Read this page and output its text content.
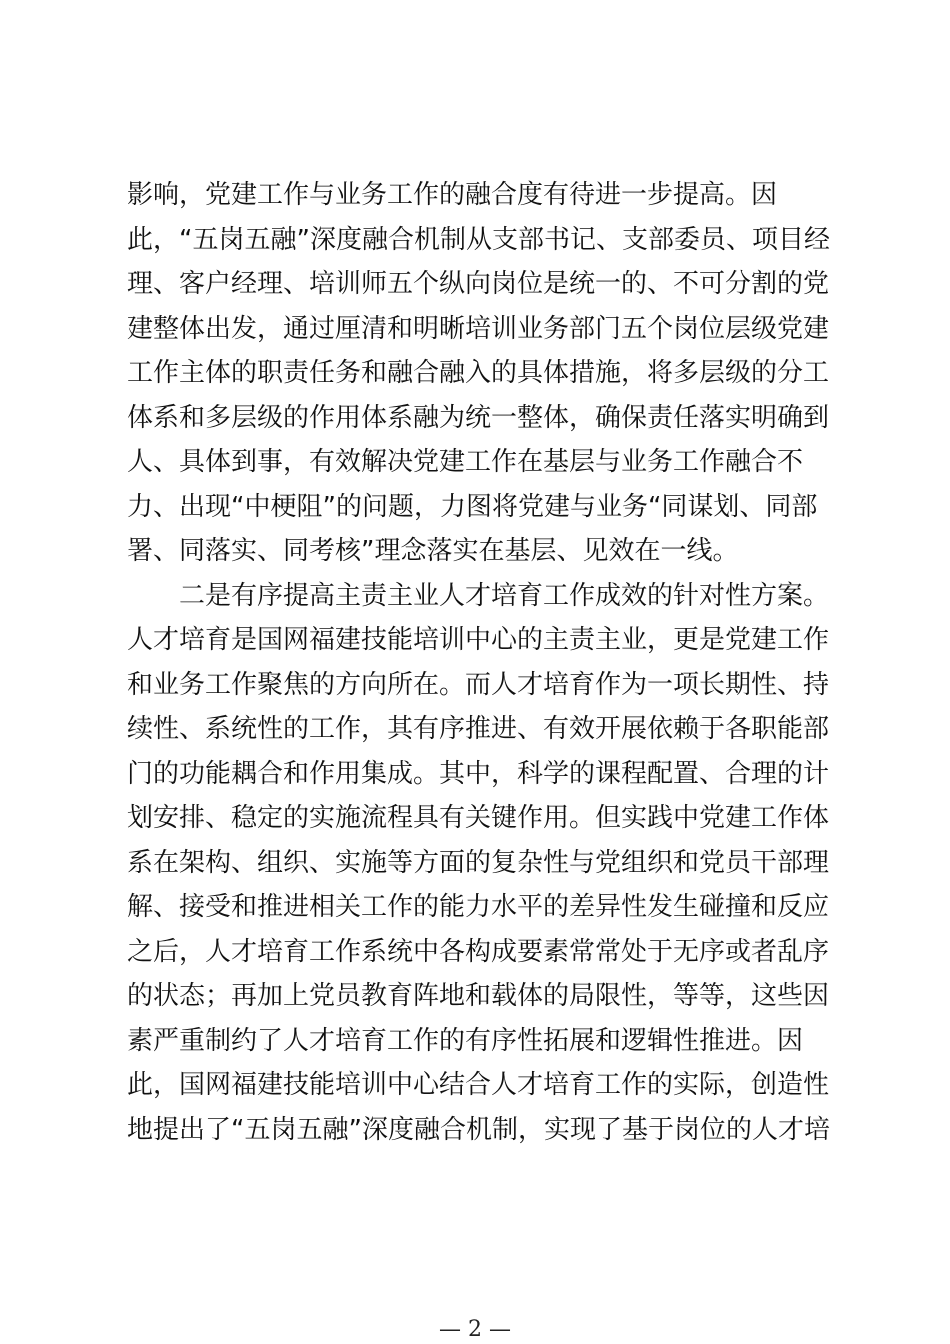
影响，党建工作与业务工作的融合度有待进一步提高。因
此，“五岗五融”深度融合机制从支部书记、支部委员、项目经
理、客户经理、培训师五个纵向岗位是统一的、不可分割的党
建整体出发，通过厘清和明晰培训业务部门五个岗位层级党建
工作主体的职责任务和融合融入的具体措施，将多层级的分工
体系和多层级的作用体系融为统一整体，确保责任落实明确到
人、具体到事，有效解决党建工作在基层与业务工作融合不
力、出现“中梗阻”的问题，力图将党建与业务“同谋划、同部
署、同落实、同考核”理念落实在基层、见效在一线。
　　二是有序提高主责主业人才培育工作成效的针对性方案。
人才培育是国网福建技能培训中心的主责主业，更是党建工作
和业务工作聚焦的方向所在。而人才培育作为一项长期性、持
续性、系统性的工作，其有序推进、有效开展依赖于各职能部
门的功能耦合和作用集成。其中，科学的课程配置、合理的计
划安排、稳定的实施流程具有关键作用。但实践中党建工作体
系在架构、组织、实施等方面的复杂性与党组织和党员干部理
解、接受和推进相关工作的能力水平的差异性发生碰撞和反应
之后，人才培育工作系统中各构成要素常常处于无序或者乱序
的状态；再加上党员教育阵地和载体的局限性，等等，这些因
素严重制约了人才培育工作的有序性拓展和逻辑性推进。因
此，国网福建技能培训中心结合人才培育工作的实际，创造性
地提出了“五岗五融”深度融合机制，实现了基于岗位的人才培
— 2 —
